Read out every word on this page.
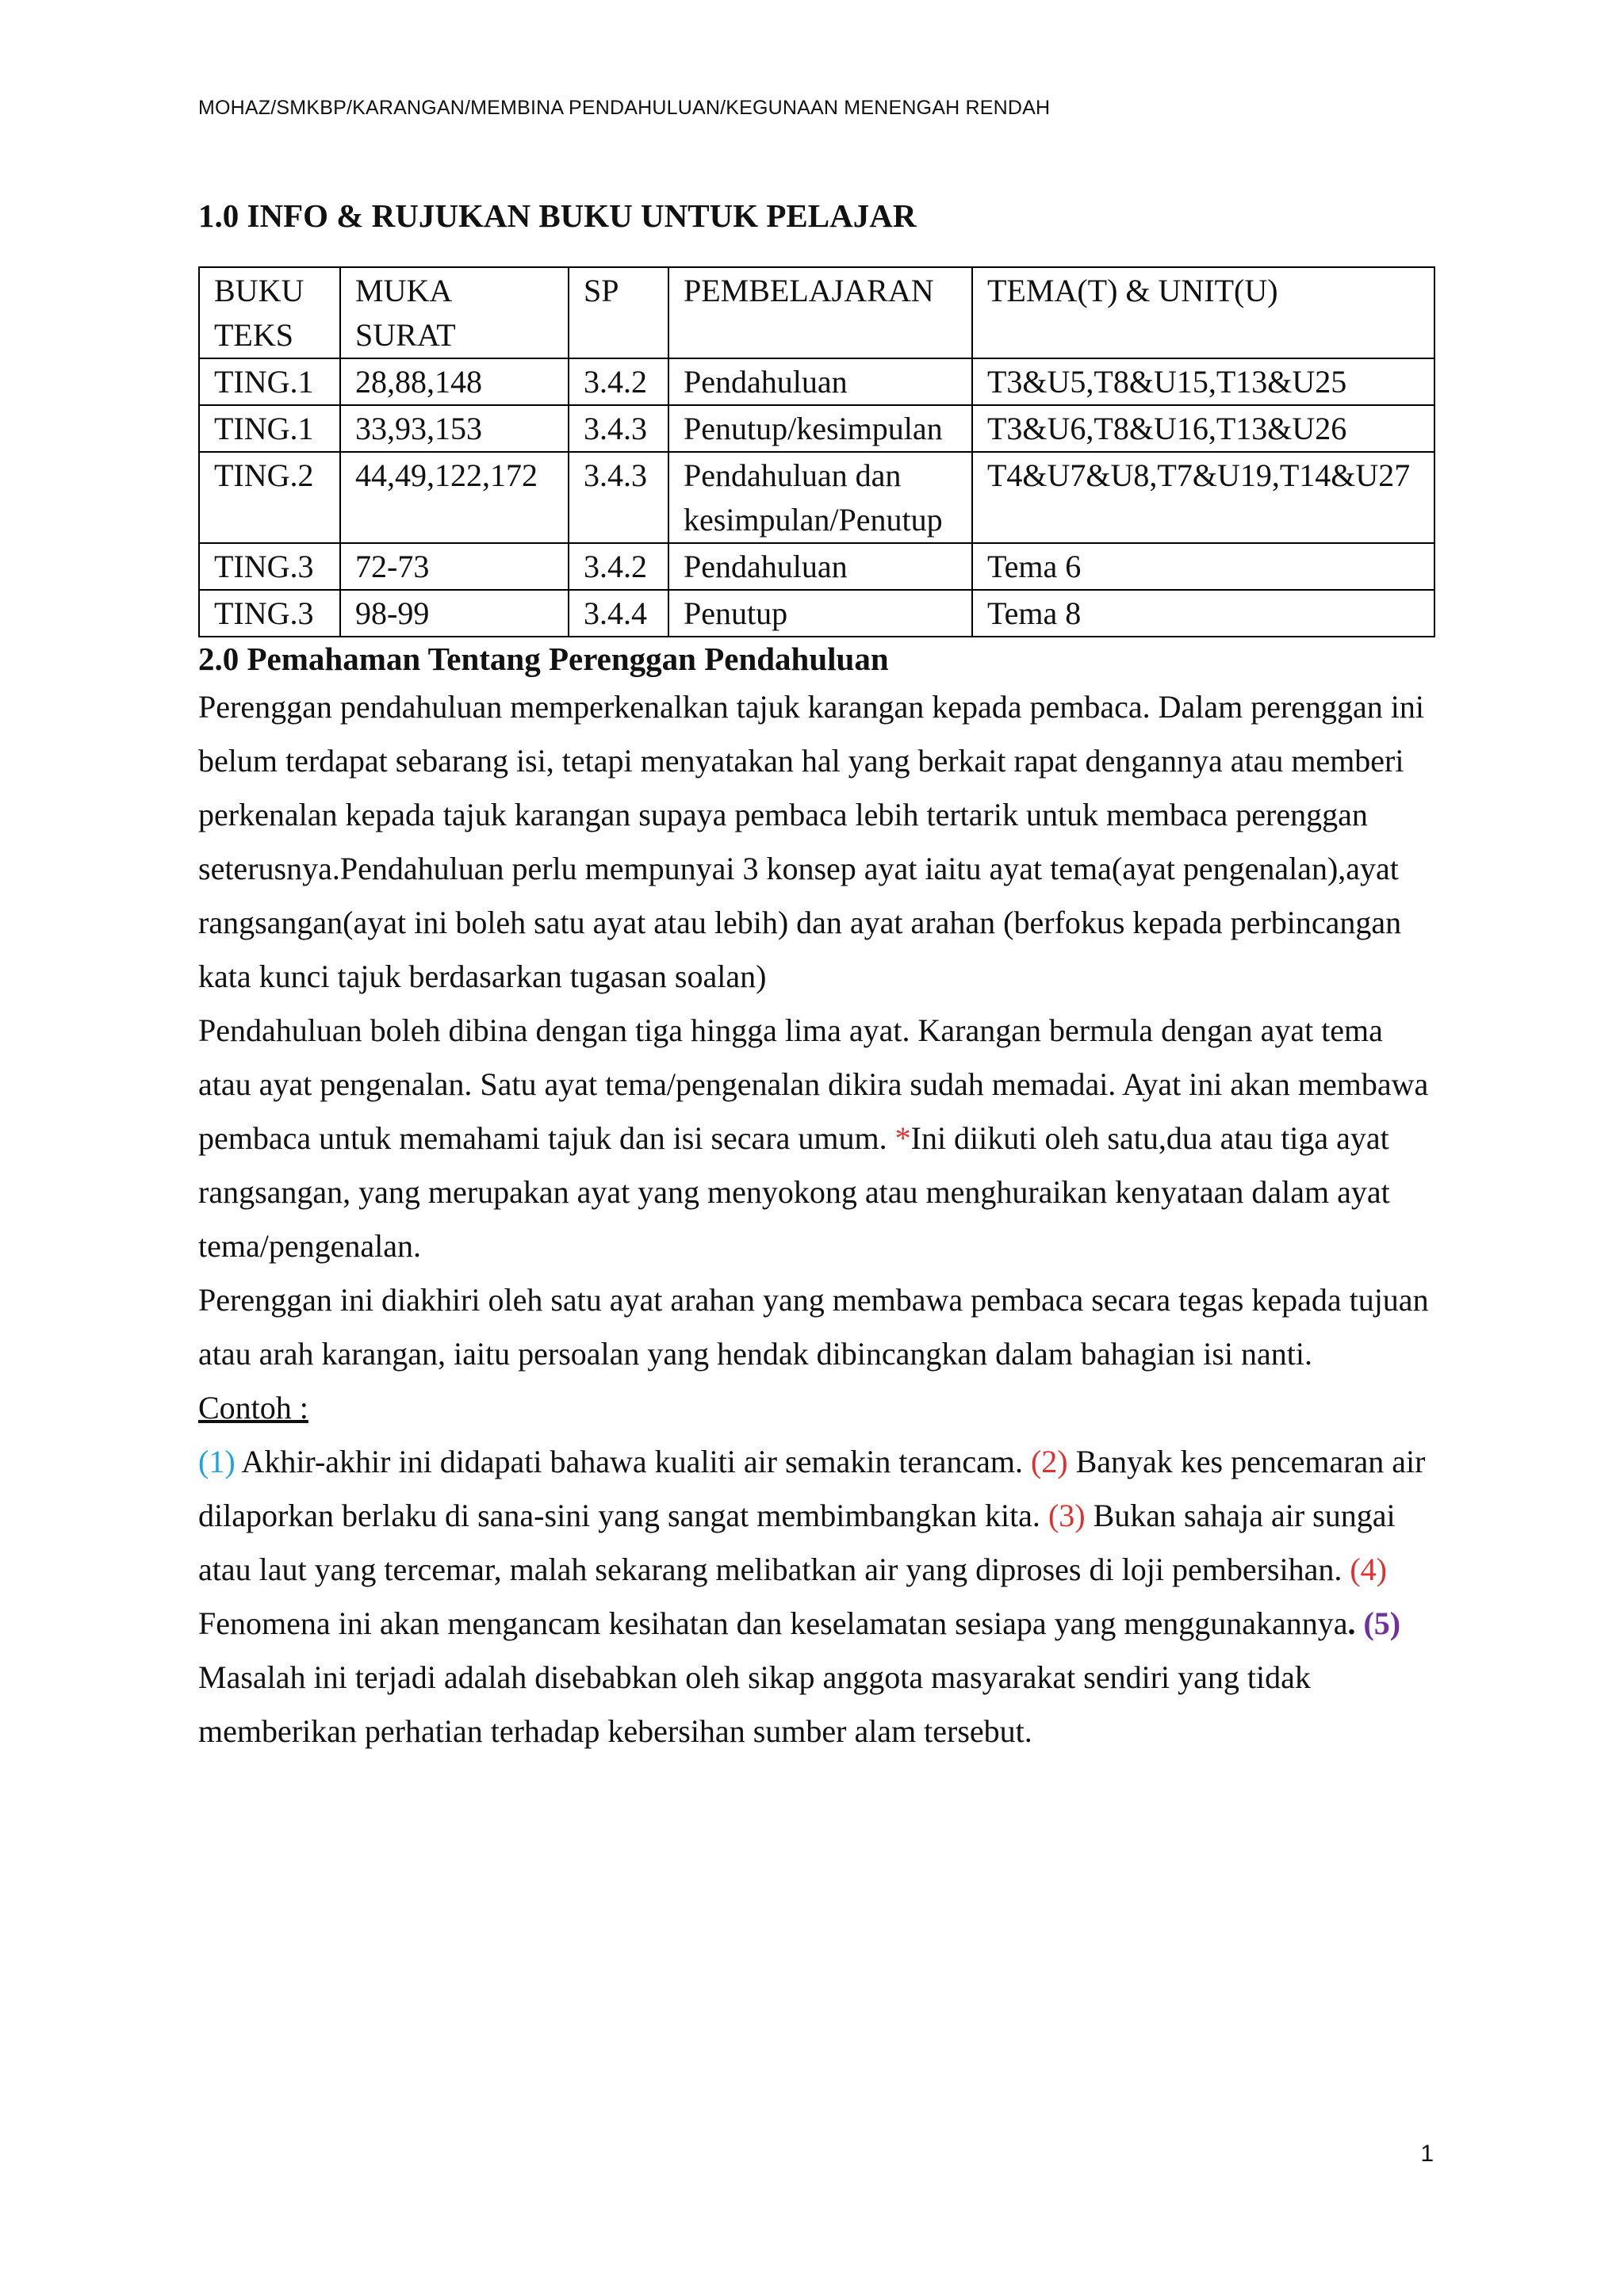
MOHAZ/SMKBP/KARANGAN/MEMBINA PENDAHULUAN/KEGUNAAN MENENGAH RENDAH
1.0 INFO & RUJUKAN BUKU UNTUK PELAJAR
BUKU TEKS	MUKA SURAT	SP	PEMBELAJARAN	TEMA(T) & UNIT(U)
TING.1	28,88,148	3.4.2	Pendahuluan	T3&U5,T8&U15,T13&U25
TING.1	33,93,153	3.4.3	Penutup/kesimpulan	T3&U6,T8&U16,T13&U26
TING.2	44,49,122,172	3.4.3	Pendahuluan dan kesimpulan/Penutup	T4&U7&U8,T7&U19,T14&U27
TING.3	72-73	3.4.2	Pendahuluan	Tema 6
TING.3	98-99	3.4.4	Penutup	Tema 8
2.0 Pemahaman Tentang Perenggan Pendahuluan

Perenggan pendahuluan memperkenalkan tajuk karangan kepada pembaca. Dalam perenggan ini belum terdapat sebarang isi, tetapi menyatakan hal yang berkait rapat dengannya atau memberi perkenalan kepada tajuk karangan supaya pembaca lebih tertarik untuk membaca perenggan seterusnya.Pendahuluan perlu mempunyai 3 konsep ayat iaitu ayat tema(ayat pengenalan),ayat rangsangan(ayat ini boleh satu ayat atau lebih) dan ayat arahan (berfokus kepada perbincangan kata kunci tajuk berdasarkan tugasan soalan)

Pendahuluan boleh dibina dengan tiga hingga lima ayat. Karangan bermula dengan ayat tema atau ayat pengenalan. Satu ayat tema/pengenalan dikira sudah memadai. Ayat ini akan membawa pembaca untuk memahami tajuk dan isi secara umum. *Ini diikuti oleh satu,dua atau tiga ayat rangsangan, yang merupakan ayat yang menyokong atau menghuraikan kenyataan dalam ayat tema/pengenalan.

Perenggan ini diakhiri oleh satu ayat arahan yang membawa pembaca secara tegas kepada tujuan atau arah karangan, iaitu persoalan yang hendak dibincangkan dalam bahagian isi nanti.

Contoh :

(1) Akhir-akhir ini didapati bahawa kualiti air semakin terancam. (2) Banyak kes pencemaran air dilaporkan berlaku di sana-sini yang sangat membimbangkan kita. (3) Bukan sahaja air sungai atau laut yang tercemar, malah sekarang melibatkan air yang diproses di loji pembersihan. (4) Fenomena ini akan mengancam kesihatan dan keselamatan sesiapa yang menggunakannya. (5) Masalah ini terjadi adalah disebabkan oleh sikap anggota masyarakat sendiri yang tidak memberikan perhatian terhadap kebersihan sumber alam tersebut.

1
